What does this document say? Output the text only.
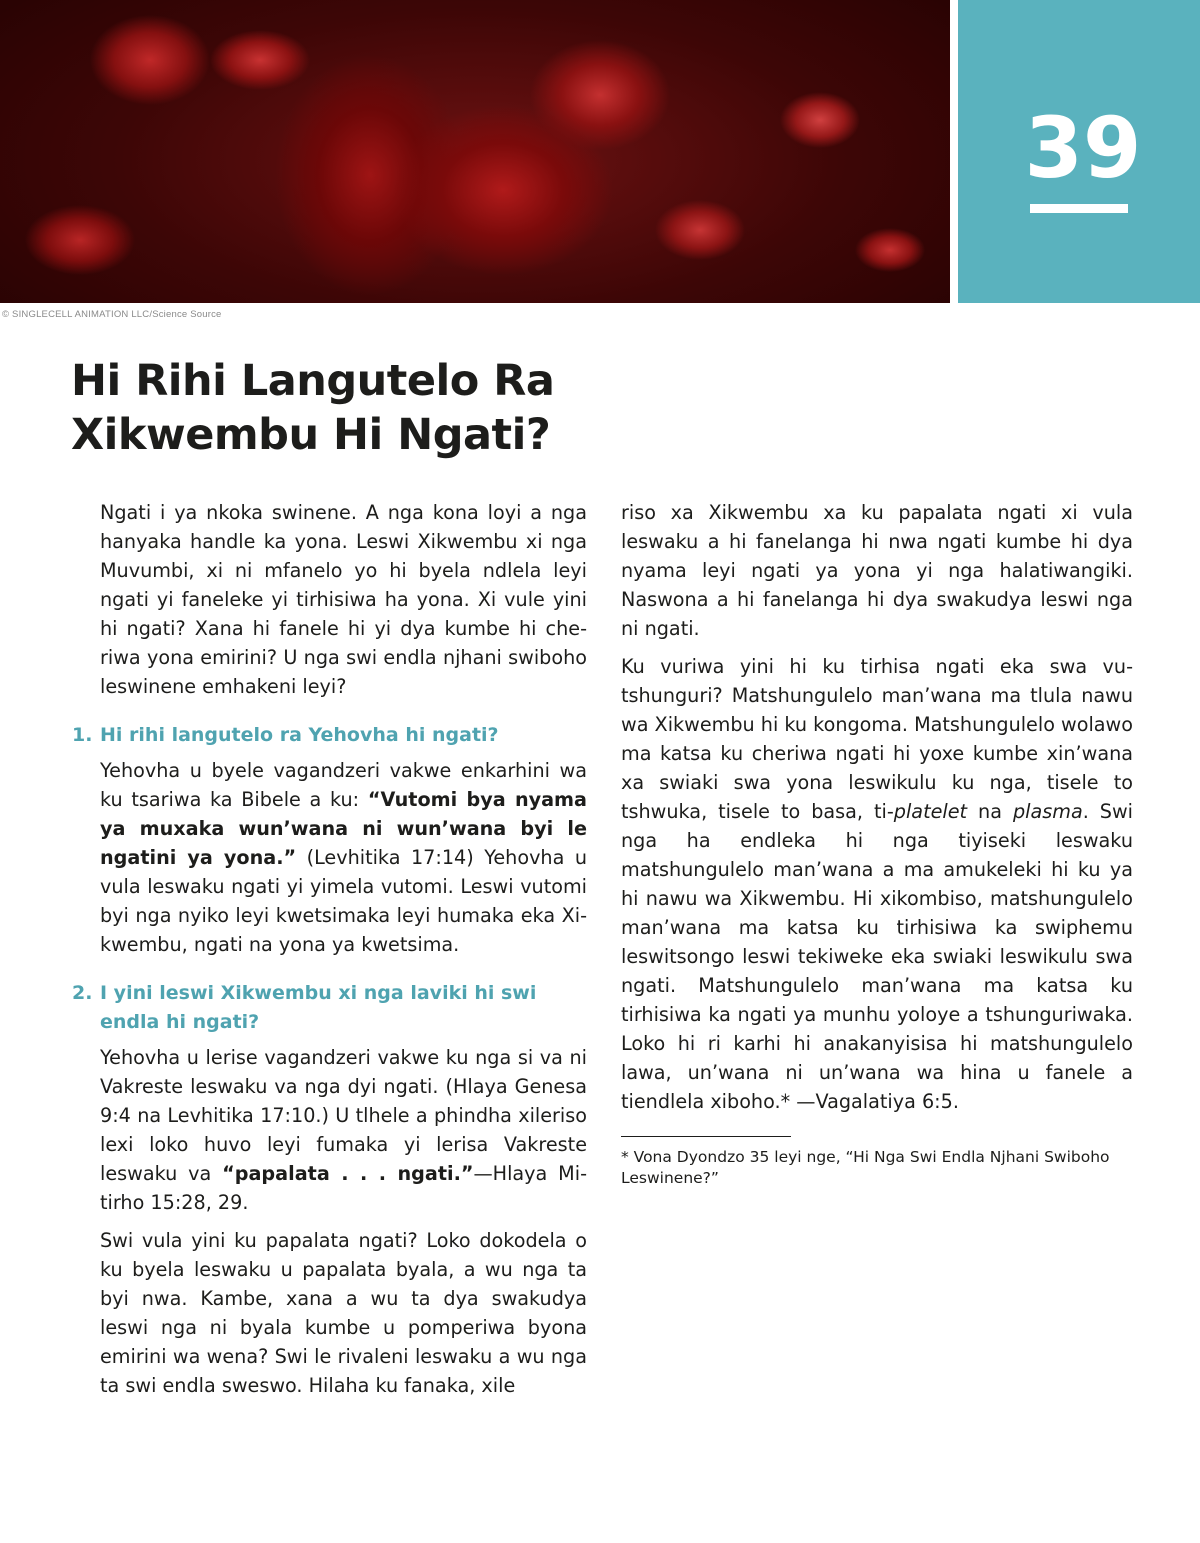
39
© SINGLECELL ANIMATION LLC/Science Source
Hi Rihi Langutelo Ra
Xikwembu Hi Ngati?

Ngati i ya nkoka swinene. A nga kona loyi a nga hanyaka handle ka yona. Leswi Xikwembu xi nga Muvumbi, xi ni mfanelo yo hi byela ndlela leyi ngati yi faneleke yi tirhisiwa ha yona. Xi vule yini hi ngati? Xana hi fanele hi yi dya kumbe hi cheriwa yona emirini? U nga swi endla njhani swiboho leswinene emhakeni leyi?

1. Hi rihi langutelo ra Yehovha hi ngati?

Yehovha u byele vagandzeri vakwe enkarhini wa ku tsariwa ka Bibele a ku: “Vutomi bya nyama ya muxaka wun’wana ni wun’wana byi le ngatini ya yona.” (Levhitika 17:14) Yehovha u vula leswaku ngati yi yimela vutomi. Leswi vutomi byi nga nyiko leyi kwetsimaka leyi humaka eka Xikwembu, ngati na yona ya kwetsima.

2. I yini leswi Xikwembu xi nga laviki hi swi endla hi ngati?

Yehovha u lerise vagandzeri vakwe ku nga si va ni Vakreste leswaku va nga dyi ngati. (Hlaya Genesa 9:4 na Levhitika 17:10.) U tlhele a phindha xileriso lexi loko huvo leyi fumaka yi lerisa Vakreste leswaku va “papalata . . . ngati.”—Hlaya Mitirho 15:28, 29.

Swi vula yini ku papalata ngati? Loko dokodela o ku byela leswaku u papalata byala, a wu nga ta byi nwa. Kambe, xana a wu ta dya swakudya leswi nga ni byala kumbe u pomperiwa byona emirini wa wena? Swi le rivaleni leswaku a wu nga ta swi endla sweswo. Hilaha ku fanaka, xile

riso xa Xikwembu xa ku papalata ngati xi vula leswaku a hi fanelanga hi nwa ngati kumbe hi dya nyama leyi ngati ya yona yi nga halatiwangiki. Naswona a hi fanelanga hi dya swakudya leswi nga ni ngati.

Ku vuriwa yini hi ku tirhisa ngati eka swa vutshunguri? Matshungulelo man’wana ma tlula nawu wa Xikwembu hi ku kongoma. Matshungulelo wolawo ma katsa ku cheriwa ngati hi yoxe kumbe xin’wana xa swiaki swa yona leswikulu ku nga, tisele to tshwuka, tisele to basa, ti-platelet na plasma. Swi nga ha endleka hi nga tiyiseki leswaku matshungulelo man’wana a ma amukeleki hi ku ya hi nawu wa Xikwembu. Hi xikombiso, matshungulelo man’wana ma katsa ku tirhisiwa ka swiphemu leswitsongo leswi tekiweke eka swiaki leswikulu swa ngati. Matshungulelo man’wana ma katsa ku tirhisiwa ka ngati ya munhu yoloye a tshunguriwaka. Loko hi ri karhi hi anakanyisisa hi matshungulelo lawa, un’wana ni un’wana wa hina u fanele a tiendlela xiboho.* —Vagalatiya 6:5.

* Vona Dyondzo 35 leyi nge, “Hi Nga Swi Endla Njhani Swiboho Leswinene?”
